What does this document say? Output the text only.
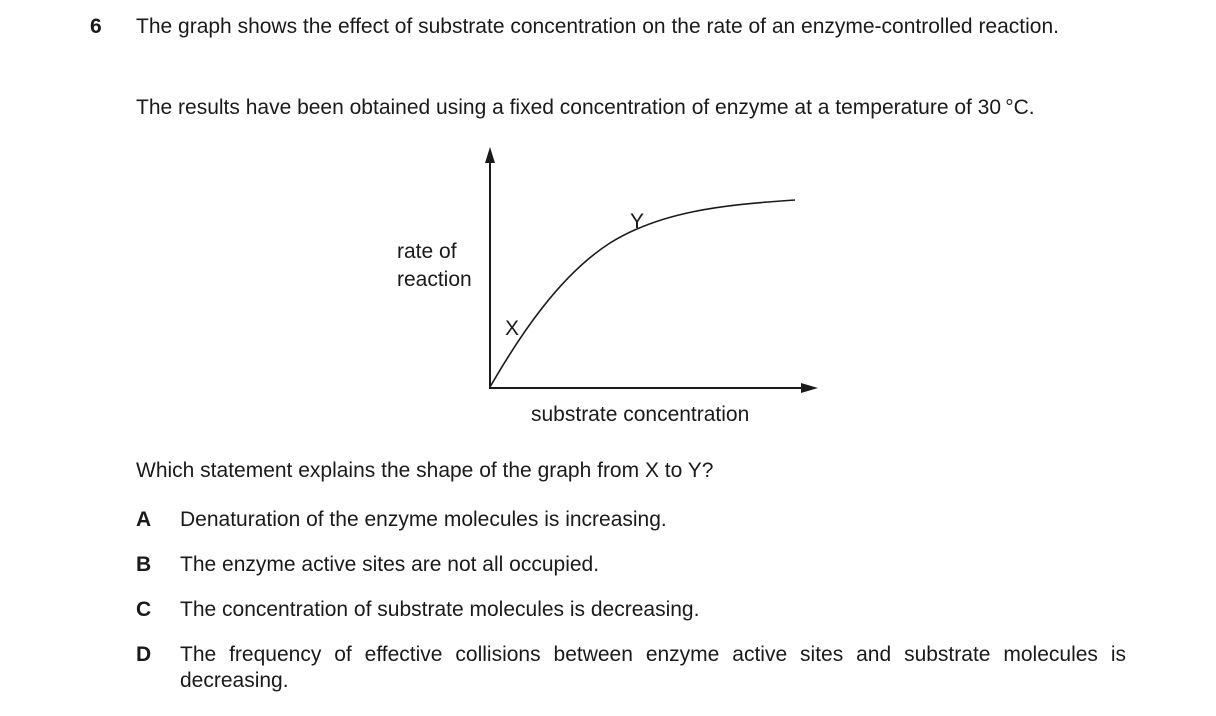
6 The graph shows the effect of substrate concentration on the rate of an enzyme-controlled reaction.
The results have been obtained using a fixed concentration of enzyme at a temperature of 30 °C.
rate of
reaction
substrate concentration
X
Y
Which statement explains the shape of the graph from X to Y?
A	Denaturation of the enzyme molecules is increasing.
B	The enzyme active sites are not all occupied.
C	The concentration of substrate molecules is decreasing.
D	The frequency of effective collisions between enzyme active sites and substrate molecules is decreasing.
